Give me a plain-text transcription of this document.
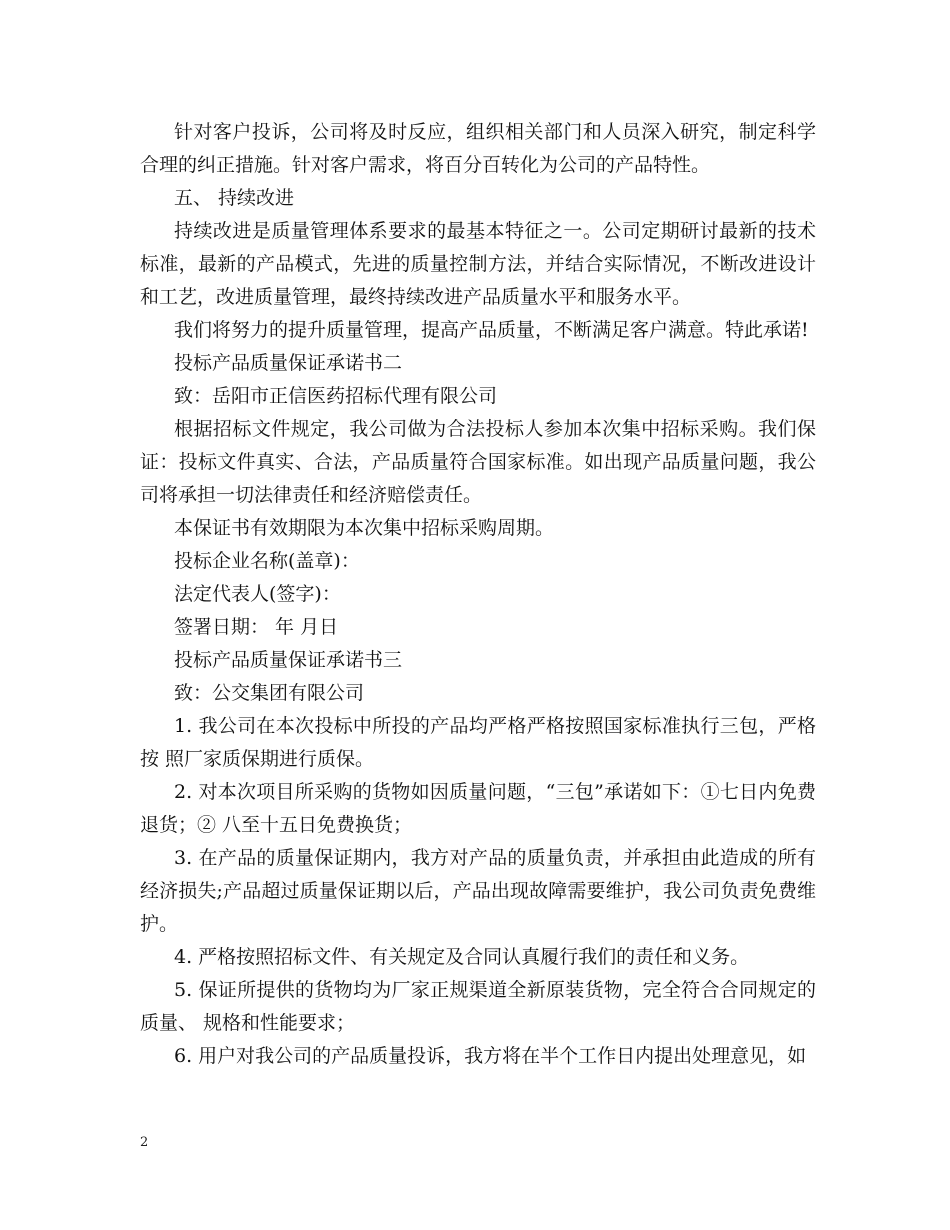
针对客户投诉，公司将及时反应，组织相关部门和人员深入研究，制定科学合理的纠正措施。针对客户需求，将百分百转化为公司的产品特性。

五、 持续改进

持续改进是质量管理体系要求的最基本特征之一。公司定期研讨最新的技术标准，最新的产品模式，先进的质量控制方法，并结合实际情况，不断改进设计和工艺，改进质量管理，最终持续改进产品质量水平和服务水平。

我们将努力的提升质量管理，提高产品质量，不断满足客户满意。特此承诺!

投标产品质量保证承诺书二

致：岳阳市正信医药招标代理有限公司

根据招标文件规定，我公司做为合法投标人参加本次集中招标采购。我们保证：投标文件真实、合法，产品质量符合国家标准。如出现产品质量问题，我公司将承担一切法律责任和经济赔偿责任。

本保证书有效期限为本次集中招标采购周期。

投标企业名称(盖章)：

法定代表人(签字)：

签署日期： 年 月日

投标产品质量保证承诺书三

致：公交集团有限公司

1. 我公司在本次投标中所投的产品均严格严格按照国家标准执行三包，严格按 照厂家质保期进行质保。

2. 对本次项目所采购的货物如因质量问题，“三包”承诺如下：①七日内免费退货；② 八至十五日免费换货；

3. 在产品的质量保证期内，我方对产品的质量负责，并承担由此造成的所有经济损失;产品超过质量保证期以后，产品出现故障需要维护，我公司负责免费维护。

4. 严格按照招标文件、有关规定及合同认真履行我们的责任和义务。

5. 保证所提供的货物均为厂家正规渠道全新原装货物，完全符合合同规定的质量、 规格和性能要求；

6. 用户对我公司的产品质量投诉，我方将在半个工作日内提出处理意见，如

2
